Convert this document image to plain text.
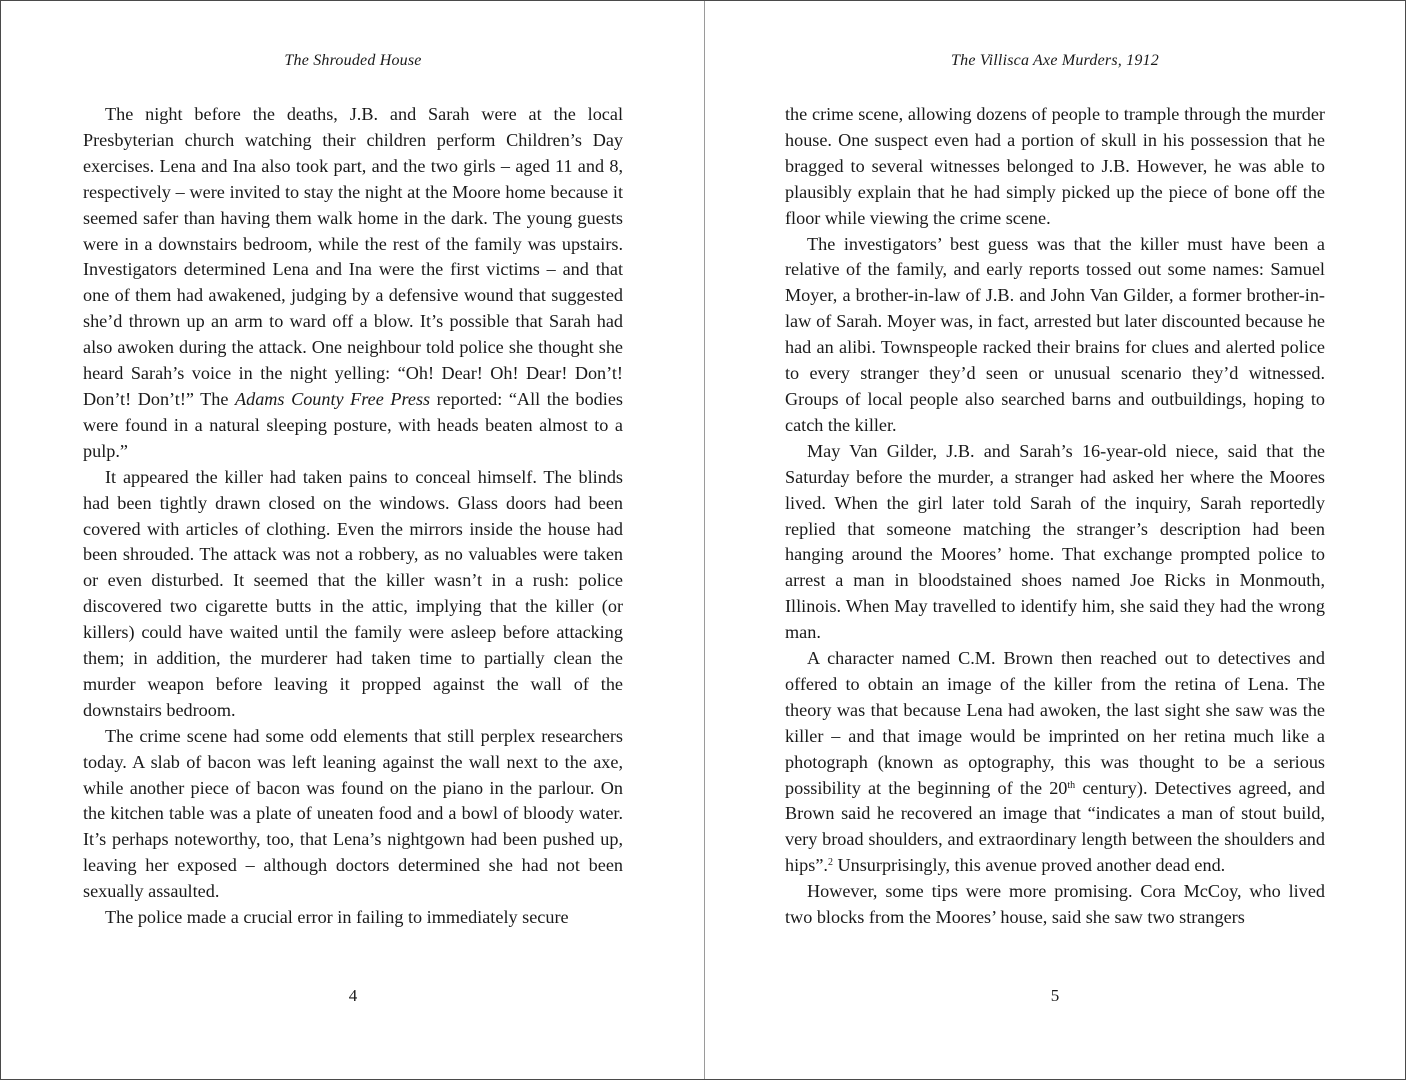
The Shrouded House

The night before the deaths, J.B. and Sarah were at the local Presbyterian church watching their children perform Children’s Day exercises. Lena and Ina also took part, and the two girls – aged 11 and 8, respectively – were invited to stay the night at the Moore home because it seemed safer than having them walk home in the dark. The young guests were in a downstairs bedroom, while the rest of the family was upstairs. Investigators determined Lena and Ina were the first victims – and that one of them had awakened, judging by a defensive wound that suggested she’d thrown up an arm to ward off a blow. It’s possible that Sarah had also awoken during the attack. One neighbour told police she thought she heard Sarah’s voice in the night yelling: “Oh! Dear! Oh! Dear! Don’t! Don’t! Don’t!” The Adams County Free Press reported: “All the bodies were found in a natural sleeping posture, with heads beaten almost to a pulp.”

It appeared the killer had taken pains to conceal himself. The blinds had been tightly drawn closed on the windows. Glass doors had been covered with articles of clothing. Even the mirrors inside the house had been shrouded. The attack was not a robbery, as no valuables were taken or even disturbed. It seemed that the killer wasn’t in a rush: police discovered two cigarette butts in the attic, implying that the killer (or killers) could have waited until the family were asleep before attacking them; in addition, the murderer had taken time to partially clean the murder weapon before leaving it propped against the wall of the downstairs bedroom.

The crime scene had some odd elements that still perplex researchers today. A slab of bacon was left leaning against the wall next to the axe, while another piece of bacon was found on the piano in the parlour. On the kitchen table was a plate of uneaten food and a bowl of bloody water. It’s perhaps noteworthy, too, that Lena’s nightgown had been pushed up, leaving her exposed – although doctors determined she had not been sexually assaulted.

The police made a crucial error in failing to immediately secure

4
The Villisca Axe Murders, 1912

the crime scene, allowing dozens of people to trample through the murder house. One suspect even had a portion of skull in his possession that he bragged to several witnesses belonged to J.B. However, he was able to plausibly explain that he had simply picked up the piece of bone off the floor while viewing the crime scene.

The investigators’ best guess was that the killer must have been a relative of the family, and early reports tossed out some names: Samuel Moyer, a brother-in-law of J.B. and John Van Gilder, a former brother-in-law of Sarah. Moyer was, in fact, arrested but later discounted because he had an alibi. Townspeople racked their brains for clues and alerted police to every stranger they’d seen or unusual scenario they’d witnessed. Groups of local people also searched barns and outbuildings, hoping to catch the killer.

May Van Gilder, J.B. and Sarah’s 16-year-old niece, said that the Saturday before the murder, a stranger had asked her where the Moores lived. When the girl later told Sarah of the inquiry, Sarah reportedly replied that someone matching the stranger’s description had been hanging around the Moores’ home. That exchange prompted police to arrest a man in bloodstained shoes named Joe Ricks in Monmouth, Illinois. When May travelled to identify him, she said they had the wrong man.

A character named C.M. Brown then reached out to detectives and offered to obtain an image of the killer from the retina of Lena. The theory was that because Lena had awoken, the last sight she saw was the killer – and that image would be imprinted on her retina much like a photograph (known as optography, this was thought to be a serious possibility at the beginning of the 20th century). Detectives agreed, and Brown said he recovered an image that “indicates a man of stout build, very broad shoulders, and extraordinary length between the shoulders and hips”.$^2$ Unsurprisingly, this avenue proved another dead end.

However, some tips were more promising. Cora McCoy, who lived two blocks from the Moores’ house, said she saw two strangers

5
